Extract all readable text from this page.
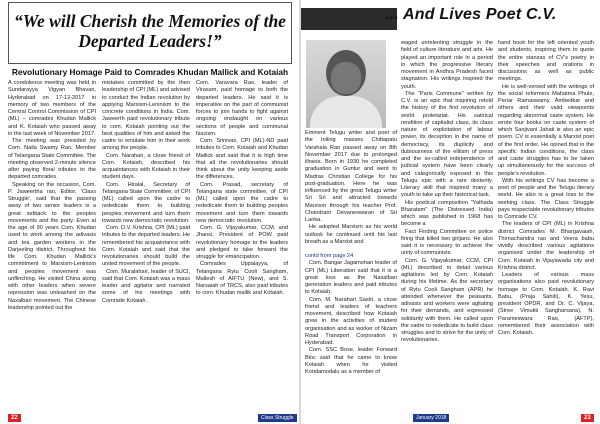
“We will Cherish the Memories of the Departed Leaders!”
Revolutionary Homage Paid to Comrades Khudan Mallick and Kotaiah

A condolence meeting was held in Sundarayya Vigyan Bhavan, Hyderabad on 17-12-2017 in memory of two members of the Central Control Commission of CPI (ML) – comrades Khudan Mallick and K. Kotaiah who passed away in the last week of November 2017.

The meeting was presided by Com. Naila Swamy Rao, Member of Telangana State Committee. The meeting observed 2-minute silence after paying floral tributes to the departed comrades.

Speaking on the occasion, Com. P. Jaweertha rao, Editor, ‘Class Struggle’, said that the passing away of two senior leaders is a great setback to the peoples movements and the party. Even at the age of 90 years Com. Khudan used to work among the adivasis and tea garden workers in the Darjeeling district. Throughout his life Com. Khudan Mallick’s commitment to Marxism-Leninism and peoples movement was unflinching. He visited China along with other leaders when severe repression was unleashed on the Naxalbari movement. The Chinese leadership pointed out the

mistakes committed by the then leadership of CPI (ML) and advised to conduct the Indian revolution by applying Marxism-Leninism to the concrete conditions in India. Com. Jaweerth paid revolutionary tribute to com. Kotaiah pointing out the best qualities of him and asked the cadre to emulate him in their work among the people.

Com. Narahari, a close friend of Com. Kotaiah, described his acquaintances with Kotaiah in their student days.

Com. Hiralal, Secretary of Telangana State Committee, of CPI (ML) called upon the cadre to rededicate them to building peoples movement and turn them towards new democratic revolution.

Com. D.V. Krishna, CPI (ML) paid tributes to the departed leaders. He remembered his acquaintance with Com. Kotaiah and said that the revolutionaries should build the united movement of the people.

Com. Muralahari, leader of SUCI, said that Com. Kotaiah was a mass leader and agitator and narrated some of his meetings with Comrade Kotaiah.

Com. Varavara Rao, leader of Virasam, paid homage to both the departed leaders. He said it is imperative on the part of communist forces to join hands to fight against ongoing onslaught on various sections of people and communal fascism.

Com. Srinivas, CPI (ML)-ND paid tributes to Com. Kotaiah and Khudan Mallick and said that it is high time that all the revolutionaries should think about the unity keeping aside the differences.

Com. Prasad, secretary of Telangana state committee, of CPI (ML) called upon the cadre to rededicate them to building peoples movement and turn them towards new democratic revolution.

Com. G. Vijayakumar, CCM, and Jhansi, President of POW paid revolutionary homage to the leaders and pledged to take forward the struggle for emancipation.

Comrades Uppalayya, of Telangana Rytu Cooli Sangham, Mallesh of AIFTU (New), and S. Narsaiah of TRCS, also paid tributes to com. Khudan mallik and Kotaiah.

22	Class Struggle
... And Lives Poet C.V.

Eminent Telugu writer and poet of the toiling masses Chittapatu Varahala Rao passed away on 8th November 2017 due to prolonged illness. Born in 1930 he completed graduation in Guntur and went to Madras Christian College for his post-graduation. Here he was influenced by the great Telugu writer Sri Sri and attracted towards Marxism through his teacher Prof. Chandram Devaneswaran of Sri Lanka.

He adopted Marxism as his world outlook he continued until his last breath as a Marxist and

contd from page 24

Com. Bangar Jagamohan leader of CPI (ML) Liberation said that it is a great loss as the Naxalbari generation leaders and paid tributes to Kotaiah.

Com. M. Narahari Sastri, a close friend and leaders of teachers movement, described how Kotaiah grew in the activities of student organisation and as worker of Nizam Road Transport Corporation in Hyderabad.

Com. SSC Bose, leader Forward Bloc said that he came to know Kotaiah when he visited Kondamodalu as a member of

waged unrelenting struggle in the field of culture literature and arts. He played an important role in a period in which the progressive literary movement in Andhra Pradesh faced stagnation. His writings inspired the youth.

The “Paris Commune” written by C.V. is an epic that inspiring retold the history of the first revolution of world proletariat. His satirical rendition of capitalist class, its class nature of exploitation of labour power, its deception in the name of democracy, its duplicity and dubiousness of the elitism of press and the so-called independence of judicial system have been clearly and categorically exposed in this Telugu epic with a rare dexterity. Literary skill that inspired many a youth to take up their historical task.

His poetical composition “Yathada Bharatam” (The Distressed India) which was published in 1968 has become a

Fact Finding Committee on police firing that killed two girijans. He also said it is necessary to achieve the unity of communists.

Com. G. Vijayakumar, CCM, CPI (ML) described in detail various agitations led by Com. Kotaiah during his lifetime. As the secretary of Rytu Cooli Sangham (APR) he attended whenever the peasants, adivasis and workers were agitating for their demands, and expressed solidarity with them. He called upon the cadre to rededicate to build class struggles and to strive for the unity of revolutionaries.

hand book for the left oriented youth and students, inspiring them to quote the entire stanzas of CV’s poetry in their speeches and orations in discussions as well as public meetings.

He is well-versed with the writings of the social reformers Mahatma Phule, Periar Ramaswamy, Ambedkar and others and their valid viewpoints regarding abnormal caste system. He wrote four books on caste system of which Sanjivani Jahati is also an epic poem. CV is essentially a Marxist poet of the first order. He opined that in the specific Indian conditions, the class and caste struggles has to be taken up simultaneously for the success of people’s revolution.

With his writings CV has become a poet of people and the Telugu literary world. He also is a great loss to the working class. The Class Struggle pays respectable revolutionary tributes to Comrade CV.

The leaders of CPI (ML) in Krishna district Comrades M. Bhargavaiah, Thirnachandra rao and Veera babu vividly described various agitations organised under the leadership of Com. Kotaiah in Vijayawada city and Krishna district.

Leaders of various mass organisations also paid revolutionary homage to Com. Kotaiah. K. Ravi Babu, (Praja Sahiti), K. Yesu, president OPDR, and Dr. C. Vijaya, (Stree Vimukti Sangharsana), N. Parameswara Rao, (AFTP), remembered their association with Com. Kotaiah.

January 2018	23
